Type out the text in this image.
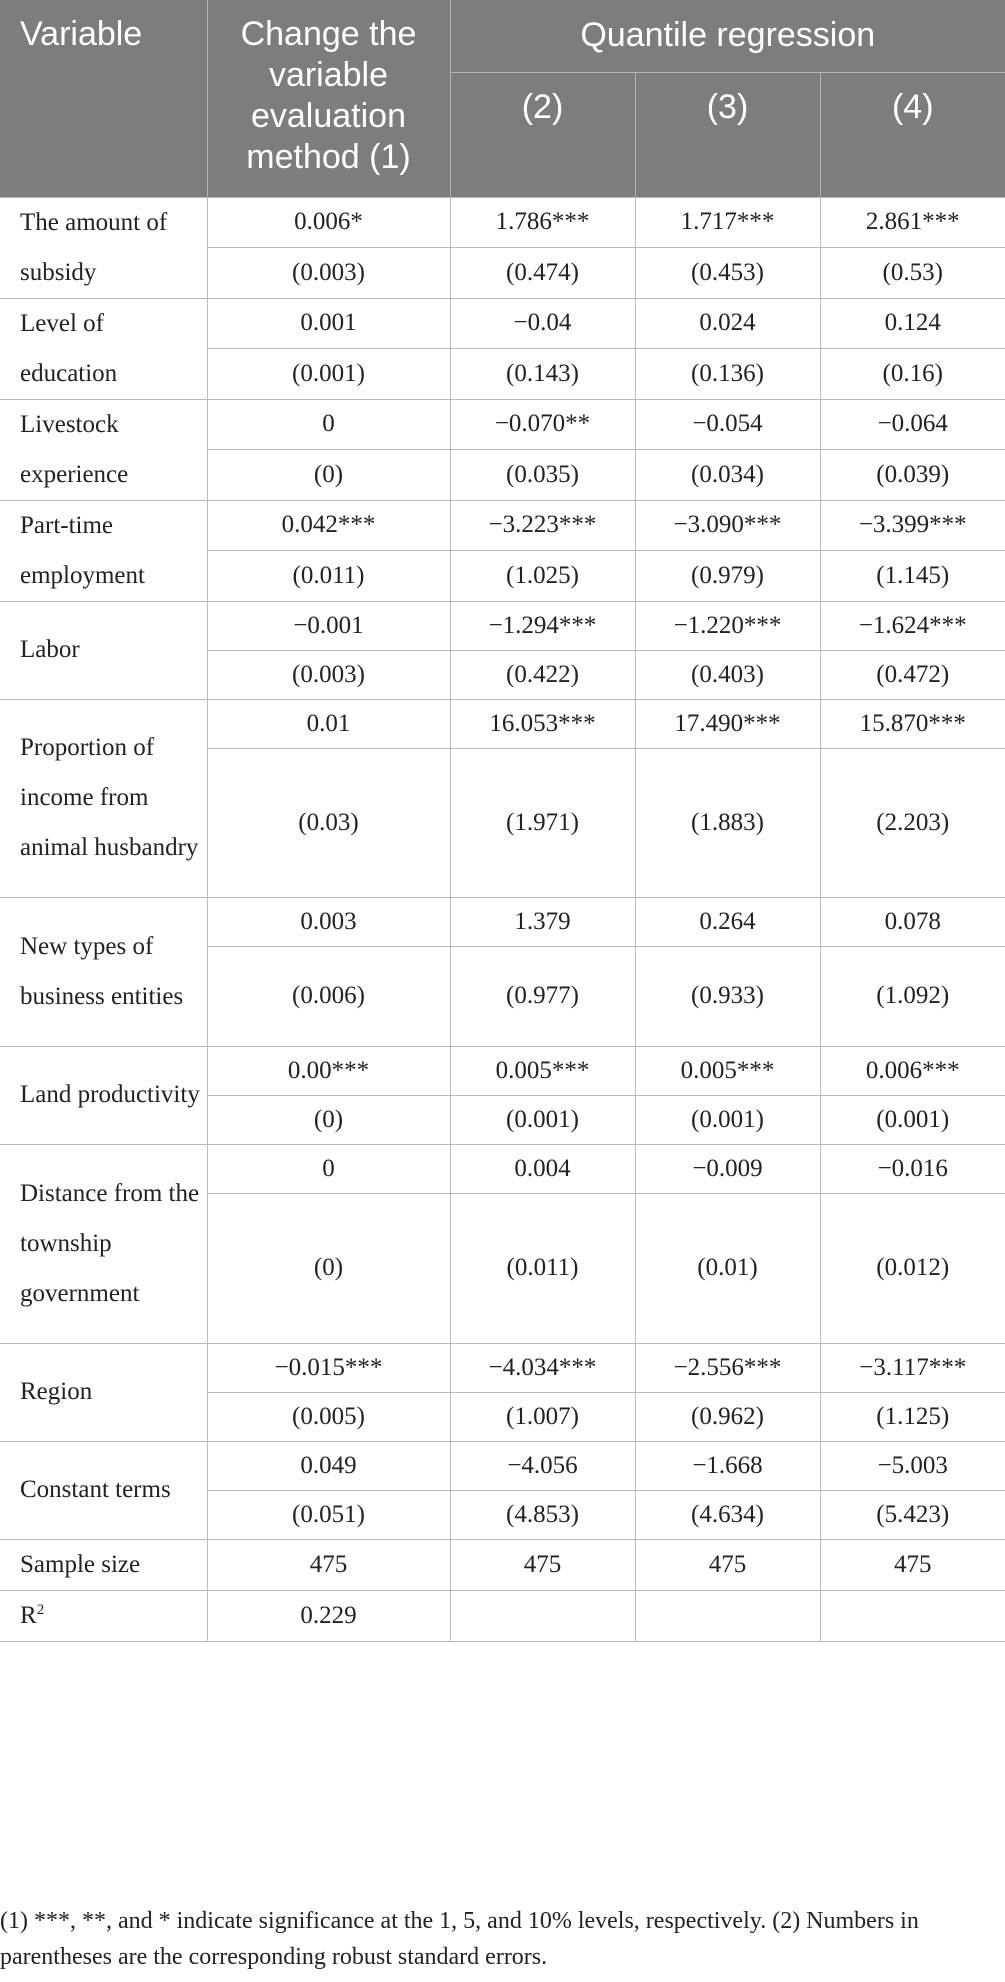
Variable	Change the variable evaluation method (1)	Quantile regression		
		(2)	(3)	(4)
The amount of subsidy	0.006*	1.786***	1.717***	2.861***
	(0.003)	(0.474)	(0.453)	(0.53)
Level of education	0.001	−0.04	0.024	0.124
	(0.001)	(0.143)	(0.136)	(0.16)
Livestock experience	0	−0.070**	−0.054	−0.064
	(0)	(0.035)	(0.034)	(0.039)
Part-time employment	0.042***	−3.223***	−3.090***	−3.399***
	(0.011)	(1.025)	(0.979)	(1.145)
Labor	−0.001	−1.294***	−1.220***	−1.624***
	(0.003)	(0.422)	(0.403)	(0.472)
Proportion of income from animal husbandry	0.01	16.053***	17.490***	15.870***
	(0.03)	(1.971)	(1.883)	(2.203)
New types of business entities	0.003	1.379	0.264	0.078
	(0.006)	(0.977)	(0.933)	(1.092)
Land productivity	0.00***	0.005***	0.005***	0.006***
	(0)	(0.001)	(0.001)	(0.001)
Distance from the township government	0	0.004	−0.009	−0.016
	(0)	(0.011)	(0.01)	(0.012)
Region	−0.015***	−4.034***	−2.556***	−3.117***
	(0.005)	(1.007)	(0.962)	(1.125)
Constant terms	0.049	−4.056	−1.668	−5.003
	(0.051)	(4.853)	(4.634)	(5.423)
Sample size	475	475	475	475
$R^2$	0.229			
(1) ***, **, and * indicate significance at the 1, 5, and 10% levels, respectively. (2) Numbers in parentheses are the corresponding robust standard errors.
